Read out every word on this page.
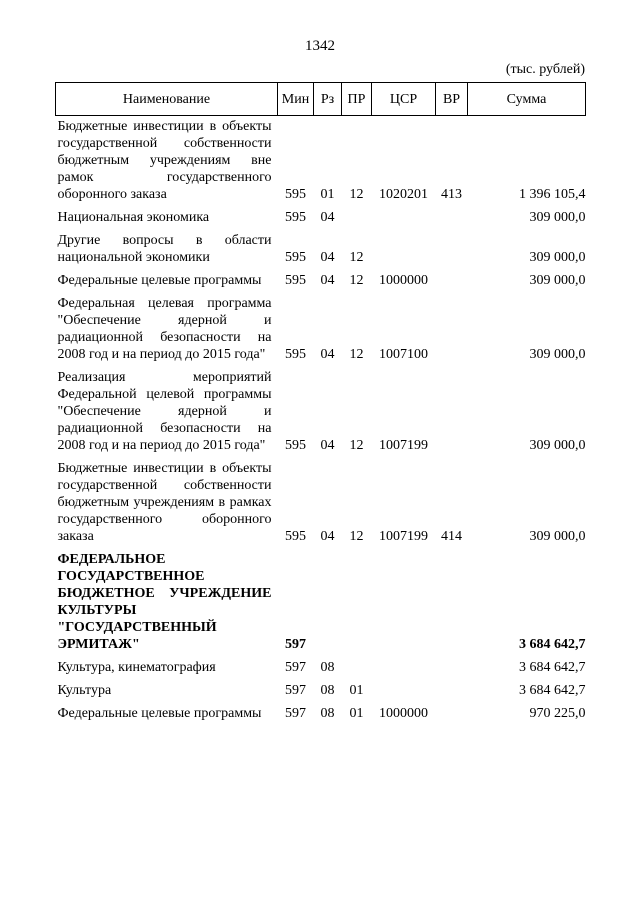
1342
(тыс. рублей)
Наименование	Мин	Рз	ПР	ЦСР	ВР	Сумма
Бюджетные инвестиции в объекты государственной собственности бюджетным учреждениям вне рамок государственного оборонного заказа	595	01	12	1020201	413	1 396 105,4
Национальная экономика	595	04				309 000,0
Другие вопросы в области национальной экономики	595	04	12			309 000,0
Федеральные целевые программы	595	04	12	1000000		309 000,0
Федеральная целевая программа "Обеспечение ядерной и радиационной безопасности на 2008 год и на период до 2015 года"	595	04	12	1007100		309 000,0
Реализация мероприятий Федеральной целевой программы "Обеспечение ядерной и радиационной безопасности на 2008 год и на период до 2015 года"	595	04	12	1007199		309 000,0
Бюджетные инвестиции в объекты государственной собственности бюджетным учреждениям в рамках государственного оборонного заказа	595	04	12	1007199	414	309 000,0
ФЕДЕРАЛЬНОЕ ГОСУДАРСТВЕННОЕ БЮДЖЕТНОЕ УЧРЕЖДЕНИЕ КУЛЬТУРЫ "ГОСУДАРСТВЕННЫЙ ЭРМИТАЖ"	597					3 684 642,7
Культура, кинематография	597	08				3 684 642,7
Культура	597	08	01			3 684 642,7
Федеральные целевые программы	597	08	01	1000000		970 225,0
